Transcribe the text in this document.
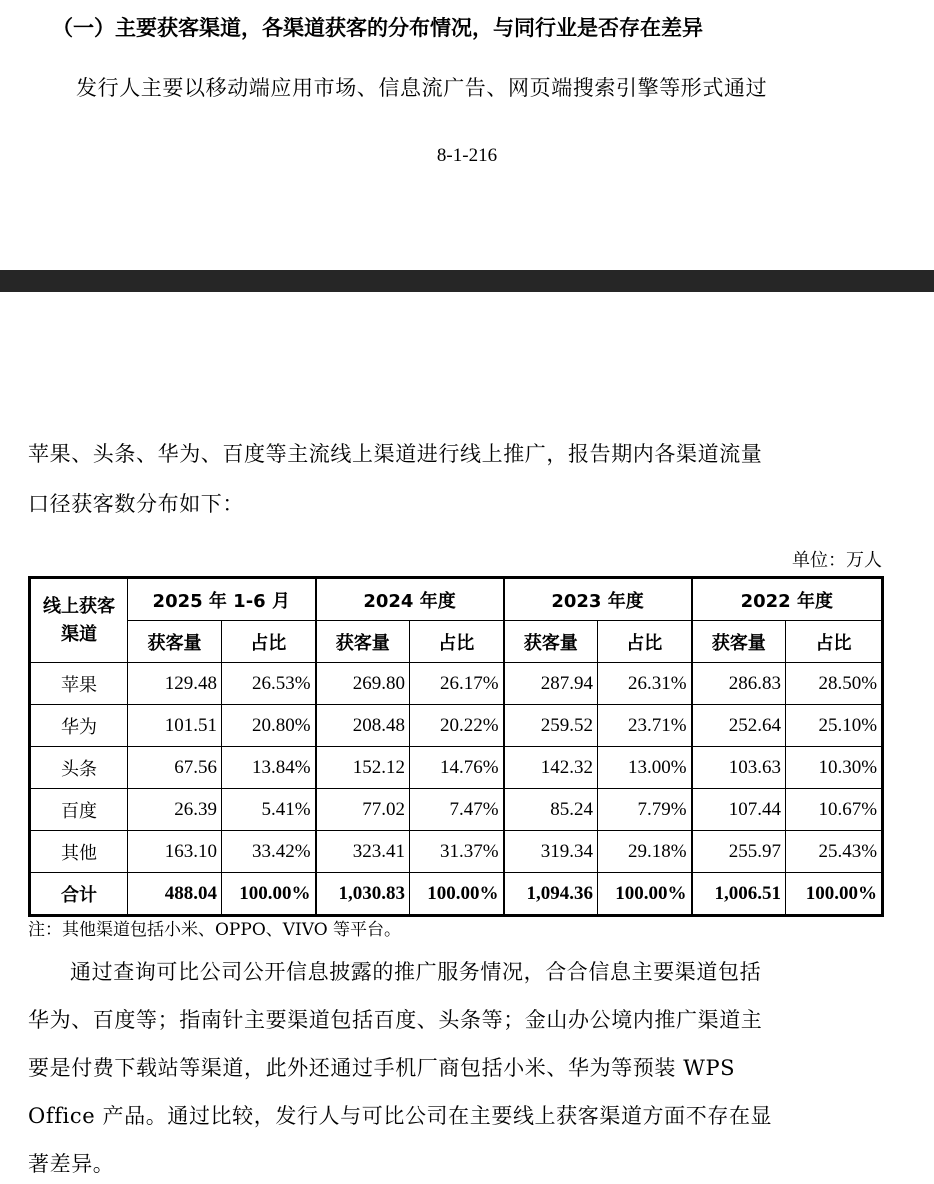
（一）主要获客渠道，各渠道获客的分布情况，与同行业是否存在差异

发行人主要以移动端应用市场、信息流广告、网页端搜索引擎等形式通过

8-1-216

苹果、头条、华为、百度等主流线上渠道进行线上推广，报告期内各渠道流量

口径获客数分布如下：

单位：万人
线上获客渠道	2025 年 1-6 月		2024 年度		2023 年度		2022 年度	
	获客量	占比	获客量	占比	获客量	占比	获客量	占比
苹果	129.48	26.53%	269.80	26.17%	287.94	26.31%	286.83	28.50%
华为	101.51	20.80%	208.48	20.22%	259.52	23.71%	252.64	25.10%
头条	67.56	13.84%	152.12	14.76%	142.32	13.00%	103.63	10.30%
百度	26.39	5.41%	77.02	7.47%	85.24	7.79%	107.44	10.67%
其他	163.10	33.42%	323.41	31.37%	319.34	29.18%	255.97	25.43%
合计	488.04	100.00%	1,030.83	100.00%	1,094.36	100.00%	1,006.51	100.00%

注：其他渠道包括小米、OPPO、VIVO 等平台。

通过查询可比公司公开信息披露的推广服务情况，合合信息主要渠道包括

华为、百度等；指南针主要渠道包括百度、头条等；金山办公境内推广渠道主

要是付费下载站等渠道，此外还通过手机厂商包括小米、华为等预装 WPS

Office 产品。通过比较，发行人与可比公司在主要线上获客渠道方面不存在显

著差异。
